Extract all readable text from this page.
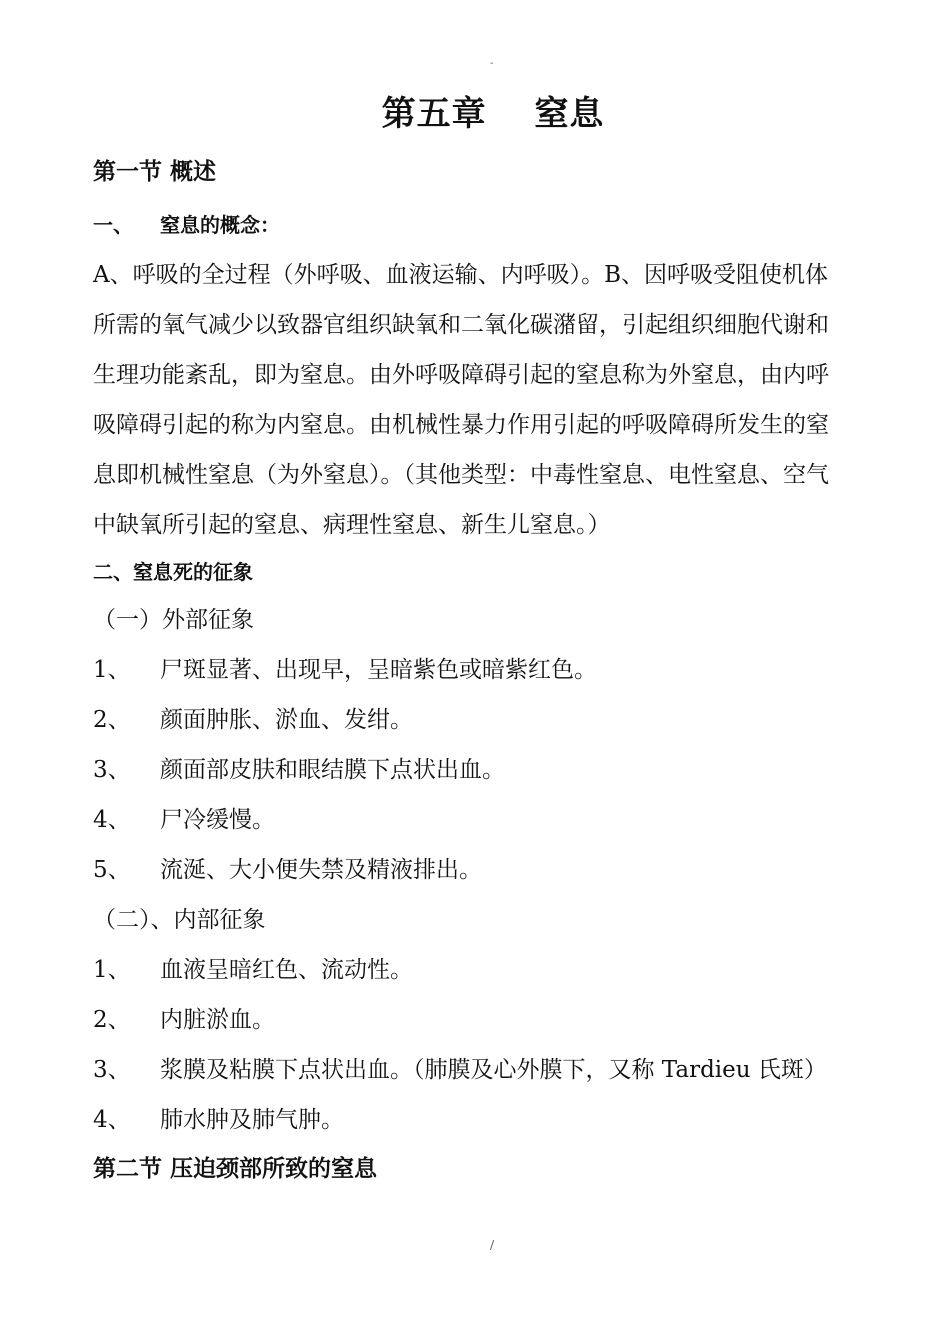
-
第五章　 窒息
第一节 概述
一、 窒息的概念：
A、呼吸的全过程（外呼吸、血液运输、内呼吸）。B、因呼吸受阻使机体
所需的氧气减少以致器官组织缺氧和二氧化碳潴留，引起组织细胞代谢和
生理功能紊乱，即为窒息。由外呼吸障碍引起的窒息称为外窒息，由内呼
吸障碍引起的称为内窒息。由机械性暴力作用引起的呼吸障碍所发生的窒
息即机械性窒息（为外窒息）。（其他类型：中毒性窒息、电性窒息、空气
中缺氧所引起的窒息、病理性窒息、新生儿窒息。）
二、窒息死的征象
（一）外部征象
1、 尸斑显著、出现早，呈暗紫色或暗紫红色。
2、 颜面肿胀、淤血、发绀。
3、 颜面部皮肤和眼结膜下点状出血。
4、 尸冷缓慢。
5、 流涎、大小便失禁及精液排出。
（二）、内部征象
1、 血液呈暗红色、流动性。
2、 内脏淤血。
3、 浆膜及粘膜下点状出血。（肺膜及心外膜下，又称 Tardieu 氏斑）
4、 肺水肿及肺气肿。
第二节 压迫颈部所致的窒息
/
